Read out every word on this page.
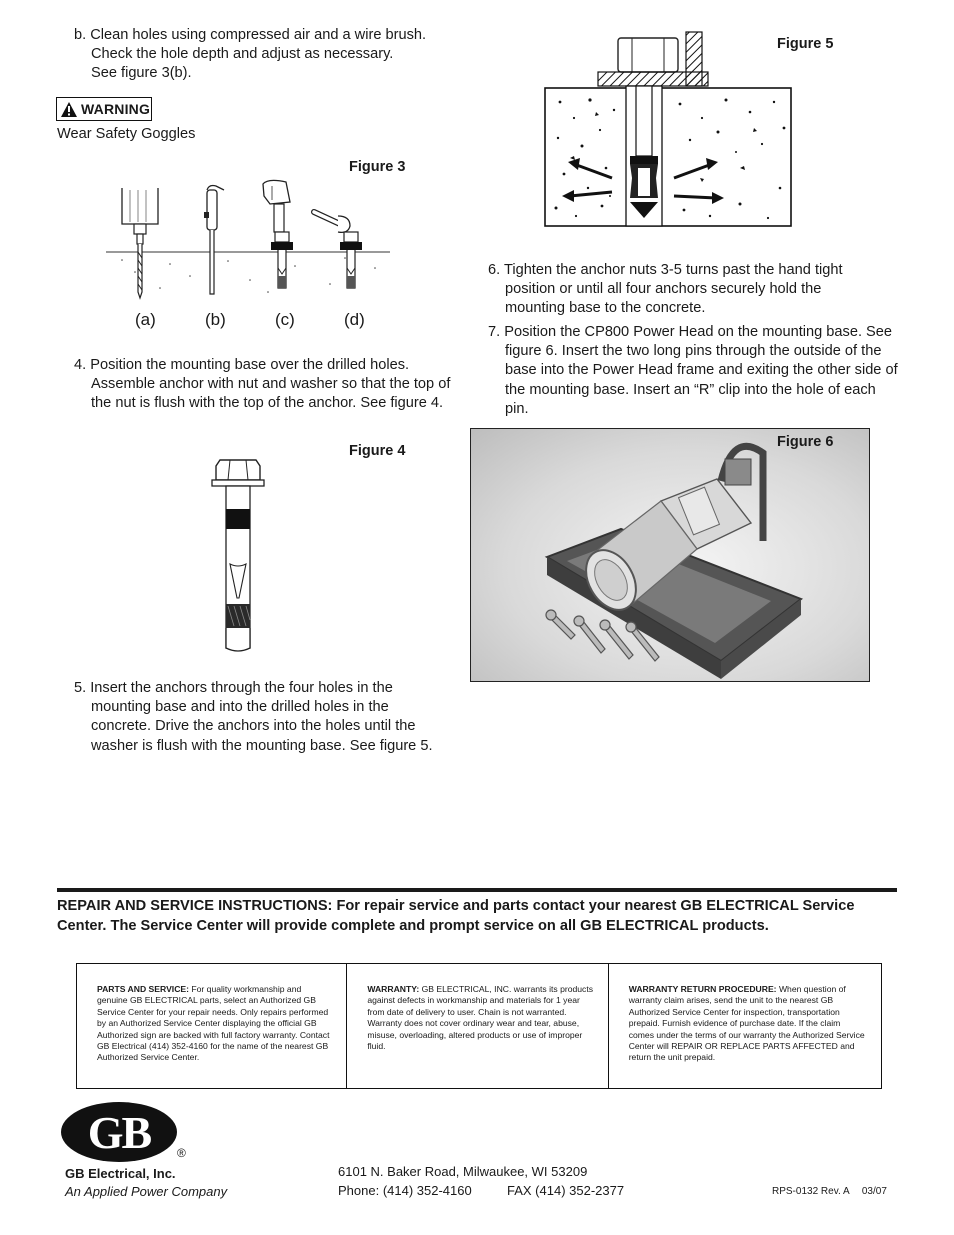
b. Clean holes using compressed air and a wire brush.
Check the hole depth and adjust as necessary.
See figure 3(b).
WARNING
Wear Safety Goggles
Figure 3
(a)	(b)	(c)	(d)
4. Position the mounting base over the drilled holes. Assemble anchor with nut and washer so that the top of the nut is flush with the top of the anchor. See figure 4.
Figure 4
5. Insert the anchors through the four holes in the mounting base and into the drilled holes in the concrete. Drive the anchors into the holes until the washer is flush with the mounting base. See figure 5.
Figure 5
6. Tighten the anchor nuts 3-5 turns past the hand tight position or until all four anchors securely hold the mounting base to the concrete.
7. Position the CP800 Power Head on the mounting base. See figure 6. Insert the two long pins through the outside of the base into the Power Head frame and exiting the other side of the mounting base. Insert an “R” clip into the hole of each pin.
Figure 6
REPAIR AND SERVICE INSTRUCTIONS: For repair service and parts contact your nearest GB ELECTRICAL Service Center. The Service Center will provide complete and prompt service on all GB ELECTRICAL products.
PARTS AND SERVICE: For quality workmanship and genuine GB ELECTRICAL parts, select an Authorized GB Service Center for your repair needs. Only repairs performed by an Authorized Service Center displaying the official GB Authorized sign are backed with full factory warranty. Contact GB Electrical (414) 352-4160 for the name of the nearest GB Authorized Service Center.
WARRANTY: GB ELECTRICAL, INC. warrants its products against defects in workmanship and materials for 1 year from date of delivery to user. Chain is not warranted. Warranty does not cover ordinary wear and tear, abuse, misuse, overloading, altered products or use of improper fluid.
WARRANTY RETURN PROCEDURE: When question of warranty claim arises, send the unit to the nearest GB Authorized Service Center for inspection, transportation prepaid. Furnish evidence of purchase date. If the claim comes under the terms of our warranty the Authorized Service Center will REPAIR OR REPLACE PARTS AFFECTED and return the unit prepaid.
GB ®
GB Electrical, Inc.
An Applied Power Company
6101 N. Baker Road, Milwaukee, WI 53209
Phone: (414) 352-4160	FAX (414) 352-2377	RPS-0132 Rev. A 03/07
